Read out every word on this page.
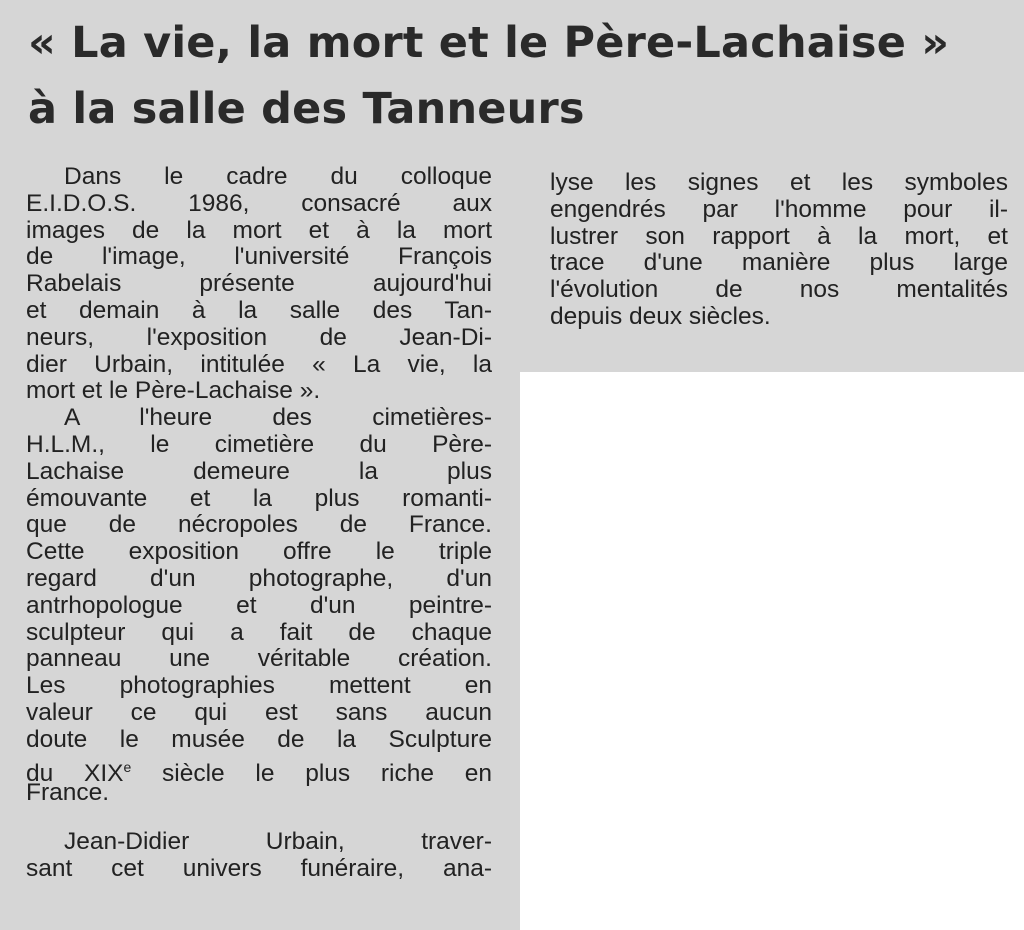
« La vie, la mort et le Père-Lachaise »
à la salle des Tanneurs
Dans le cadre du colloque
E.I.D.O.S. 1986, consacré aux
images de la mort et à la mort
de l'image, l'université François
Rabelais présente aujourd'hui
et demain à la salle des Tan-
neurs, l'exposition de Jean-Di-
dier Urbain, intitulée « La vie, la
mort et le Père-Lachaise ».
A l'heure des cimetières-
H.L.M., le cimetière du Père-
Lachaise demeure la plus
émouvante et la plus romanti-
que de nécropoles de France.
Cette exposition offre le triple
regard d'un photographe, d'un
antrhopologue et d'un peintre-
sculpteur qui a fait de chaque
panneau une véritable création.
Les photographies mettent en
valeur ce qui est sans aucun
doute le musée de la Sculpture
du XIXe siècle le plus riche en
France.
Jean-Didier Urbain, traver-
sant cet univers funéraire, ana-
lyse les signes et les symboles
engendrés par l'homme pour il-
lustrer son rapport à la mort, et
trace d'une manière plus large
l'évolution de nos mentalités
depuis deux siècles.
